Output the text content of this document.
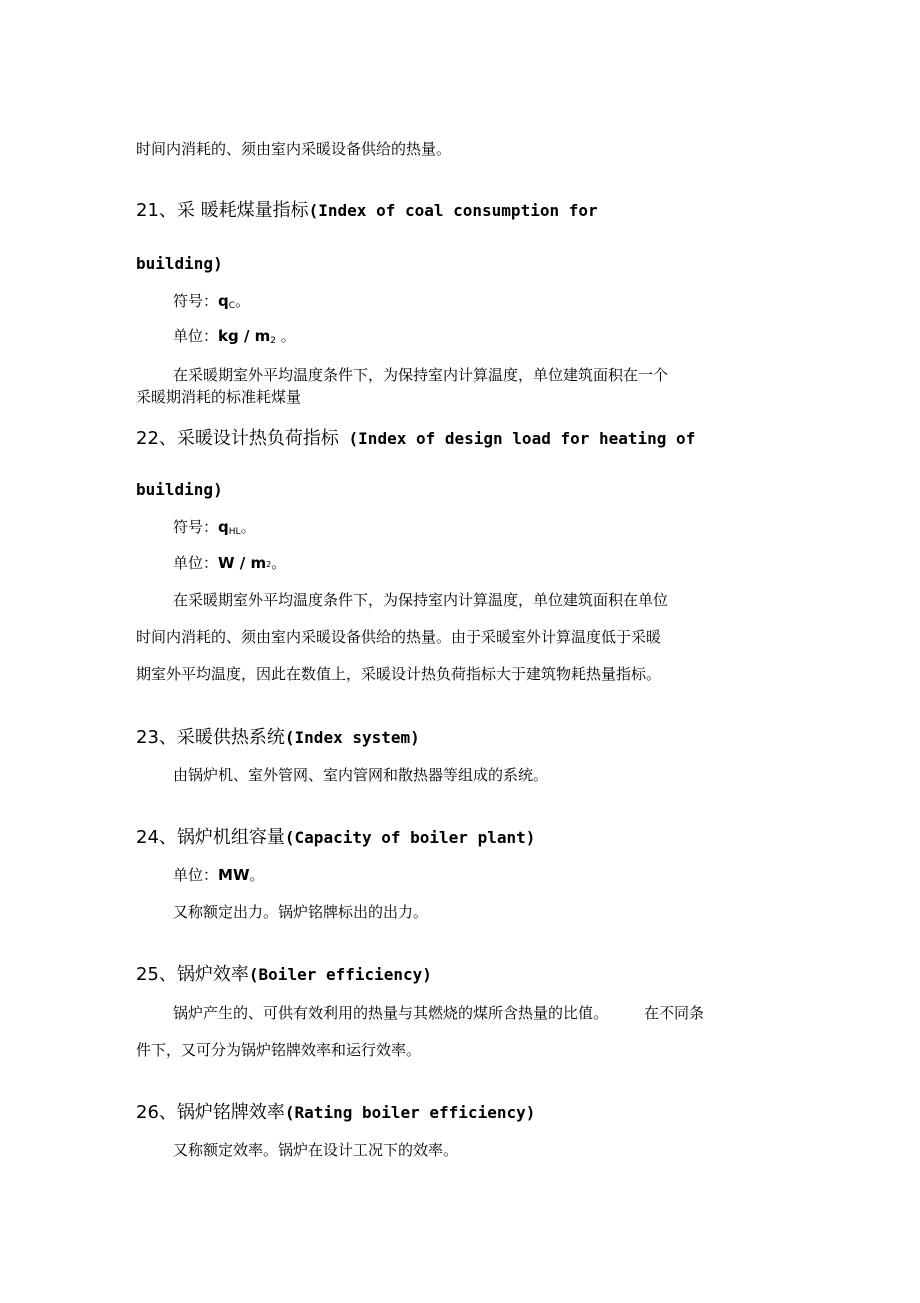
时间内消耗的、须由室内采暖设备供给的热量。
21、采 暖耗煤量指标(Index of coal consumption for
building)
符号：$q_C$。
单位：kg / $m_2$ 。
在采暖期室外平均温度条件下，为保持室内计算温度，单位建筑面积在一个
采暖期消耗的标准耗煤量
22、采暖设计热负荷指标 (Index of design load for heating of
building)
符号：$q_{HL}$。
单位：W / m2。
在采暖期室外平均温度条件下，为保持室内计算温度，单位建筑面积在单位
时间内消耗的、须由室内采暖设备供给的热量。由于采暖室外计算温度低于采暖
期室外平均温度，因此在数值上，采暖设计热负荷指标大于建筑物耗热量指标。
23、采暖供热系统(Index system)
由锅炉机、室外管网、室内管网和散热器等组成的系统。
24、锅炉机组容量(Capacity of boiler plant)
单位：MW。
又称额定出力。锅炉铭牌标出的出力。
25、锅炉效率(Boiler efficiency)
锅炉产生的、可供有效利用的热量与其燃烧的煤所含热量的比值。 在不同条
件下，又可分为锅炉铭牌效率和运行效率。
26、锅炉铭牌效率(Rating boiler efficiency)
又称额定效率。锅炉在设计工况下的效率。
